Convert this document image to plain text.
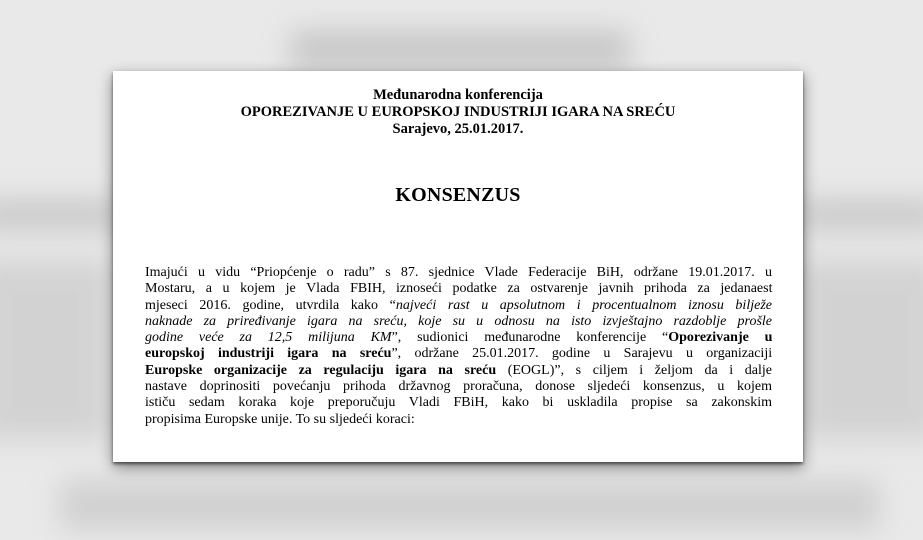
Međunarodna konferencija
OPOREZIVANJE U EUROPSKOJ INDUSTRIJI IGARA NA SREĆU
Sarajevo, 25.01.2017.
KONSENZUS
Imajući u vidu “Priopćenje o radu” s 87. sjednice Vlade Federacije BiH, održane 19.01.2017. u
Mostaru, a u kojem je Vlada FBIH, iznoseći podatke za ostvarenje javnih prihoda za jedanaest
mjeseci 2016. godine, utvrdila kako “najveći rast u apsolutnom i procentualnom iznosu bilježe
naknade za priređivanje igara na sreću, koje su u odnosu na isto izvještajno razdoblje prošle
godine veće za 12,5 milijuna KM”, sudionici međunarodne konferencije “Oporezivanje u
europskoj industriji igara na sreću”, održane 25.01.2017. godine u Sarajevu u organizaciji
Europske organizacije za regulaciju igara na sreću (EOGL)”, s ciljem i željom da i dalje
nastave doprinositi povećanju prihoda državnog proračuna, donose sljedeći konsenzus, u kojem
ističu sedam koraka koje preporučuju Vladi FBiH, kako bi uskladila propise sa zakonskim
propisima Europske unije. To su sljedeći koraci:
